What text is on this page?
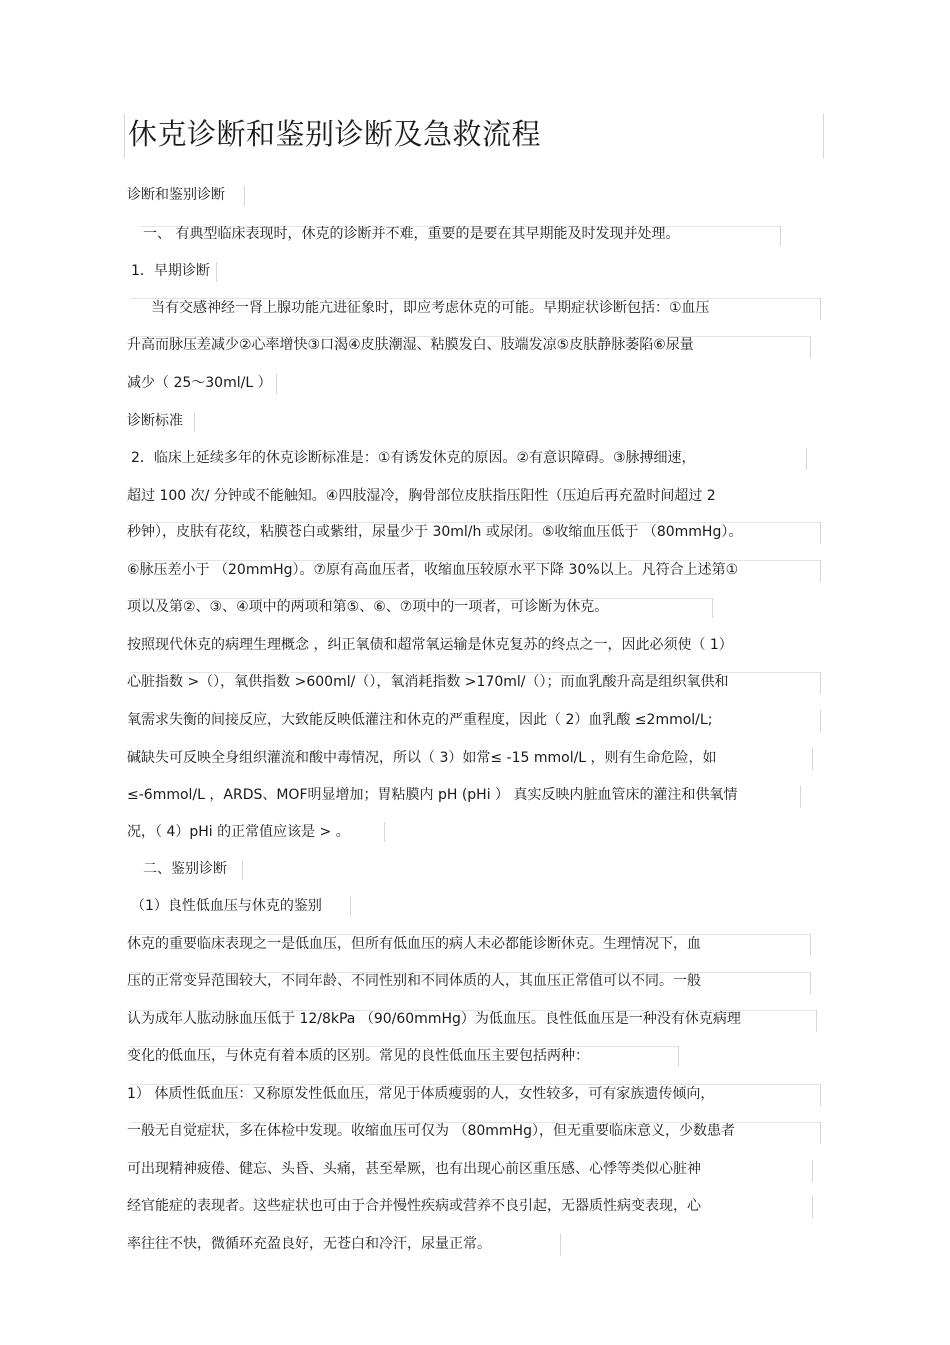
休克诊断和鉴别诊断及急救流程
诊断和鉴别诊断
一、 有典型临床表现时，休克的诊断并不难，重要的是要在其早期能及时发现并处理。
1．早期诊断
当有交感神经一肾上腺功能亢进征象时，即应考虑休克的可能。早期症状诊断包括：①血压
升高而脉压差减少②心率增快③口渴④皮肤潮湿、粘膜发白、肢端发凉⑤皮肤静脉萎陷⑥尿量
减少（ 25～30ml/L ）
诊断标准
2．临床上延续多年的休克诊断标准是：①有诱发休克的原因。②有意识障碍。③脉搏细速，
超过 100 次/ 分钟或不能触知。④四肢湿冷，胸骨部位皮肤指压阳性（压迫后再充盈时间超过 2
秒钟），皮肤有花纹，粘膜苍白或紫绀，尿量少于 30ml/h 或尿闭。⑤收缩血压低于 （80mmHg）。
⑥脉压差小于 （20mmHg）。⑦原有高血压者，收缩血压较原水平下降 30%以上。凡符合上述第①
项以及第②、③、④项中的两项和第⑤、⑥、⑦项中的一项者，可诊断为休克。
按照现代休克的病理生理概念 ，纠正氧债和超常氧运输是休克复苏的终点之一，因此必须使（ 1）
心脏指数 >（），氧供指数 >600ml/（），氧消耗指数 >170ml/（）；而血乳酸升高是组织氧供和
氧需求失衡的间接反应，大致能反映低灌注和休克的严重程度，因此（ 2）血乳酸 ≤2mmol/L;
碱缺失可反映全身组织灌流和酸中毒情况，所以（ 3）如常≤ -15 mmol/L ，则有生命危险，如
≤-6mmol/L ，ARDS、MOF明显增加；胃粘膜内 pH (pHi ） 真实反映内脏血管床的灌注和供氧情
况，（ 4）pHi 的正常值应该是 > 。
二、鉴别诊断
（1）良性低血压与休克的鉴别
休克的重要临床表现之一是低血压，但所有低血压的病人未必都能诊断休克。生理情况下，血
压的正常变异范围较大，不同年龄、不同性别和不同体质的人，其血压正常值可以不同。一般
认为成年人肱动脉血压低于 12/8kPa （90/60mmHg）为低血压。良性低血压是一种没有休克病理
变化的低血压，与休克有着本质的区别。常见的良性低血压主要包括两种：
1） 体质性低血压：又称原发性低血压，常见于体质瘦弱的人，女性较多，可有家族遗传倾向，
一般无自觉症状，多在体检中发现。收缩血压可仅为 （80mmHg），但无重要临床意义，少数患者
可出现精神疲倦、健忘、头昏、头痛，甚至晕厥，也有出现心前区重压感、心悸等类似心脏神
经官能症的表现者。这些症状也可由于合并慢性疾病或营养不良引起，无器质性病变表现，心
率往往不快，微循环充盈良好，无苍白和冷汗，尿量正常。
